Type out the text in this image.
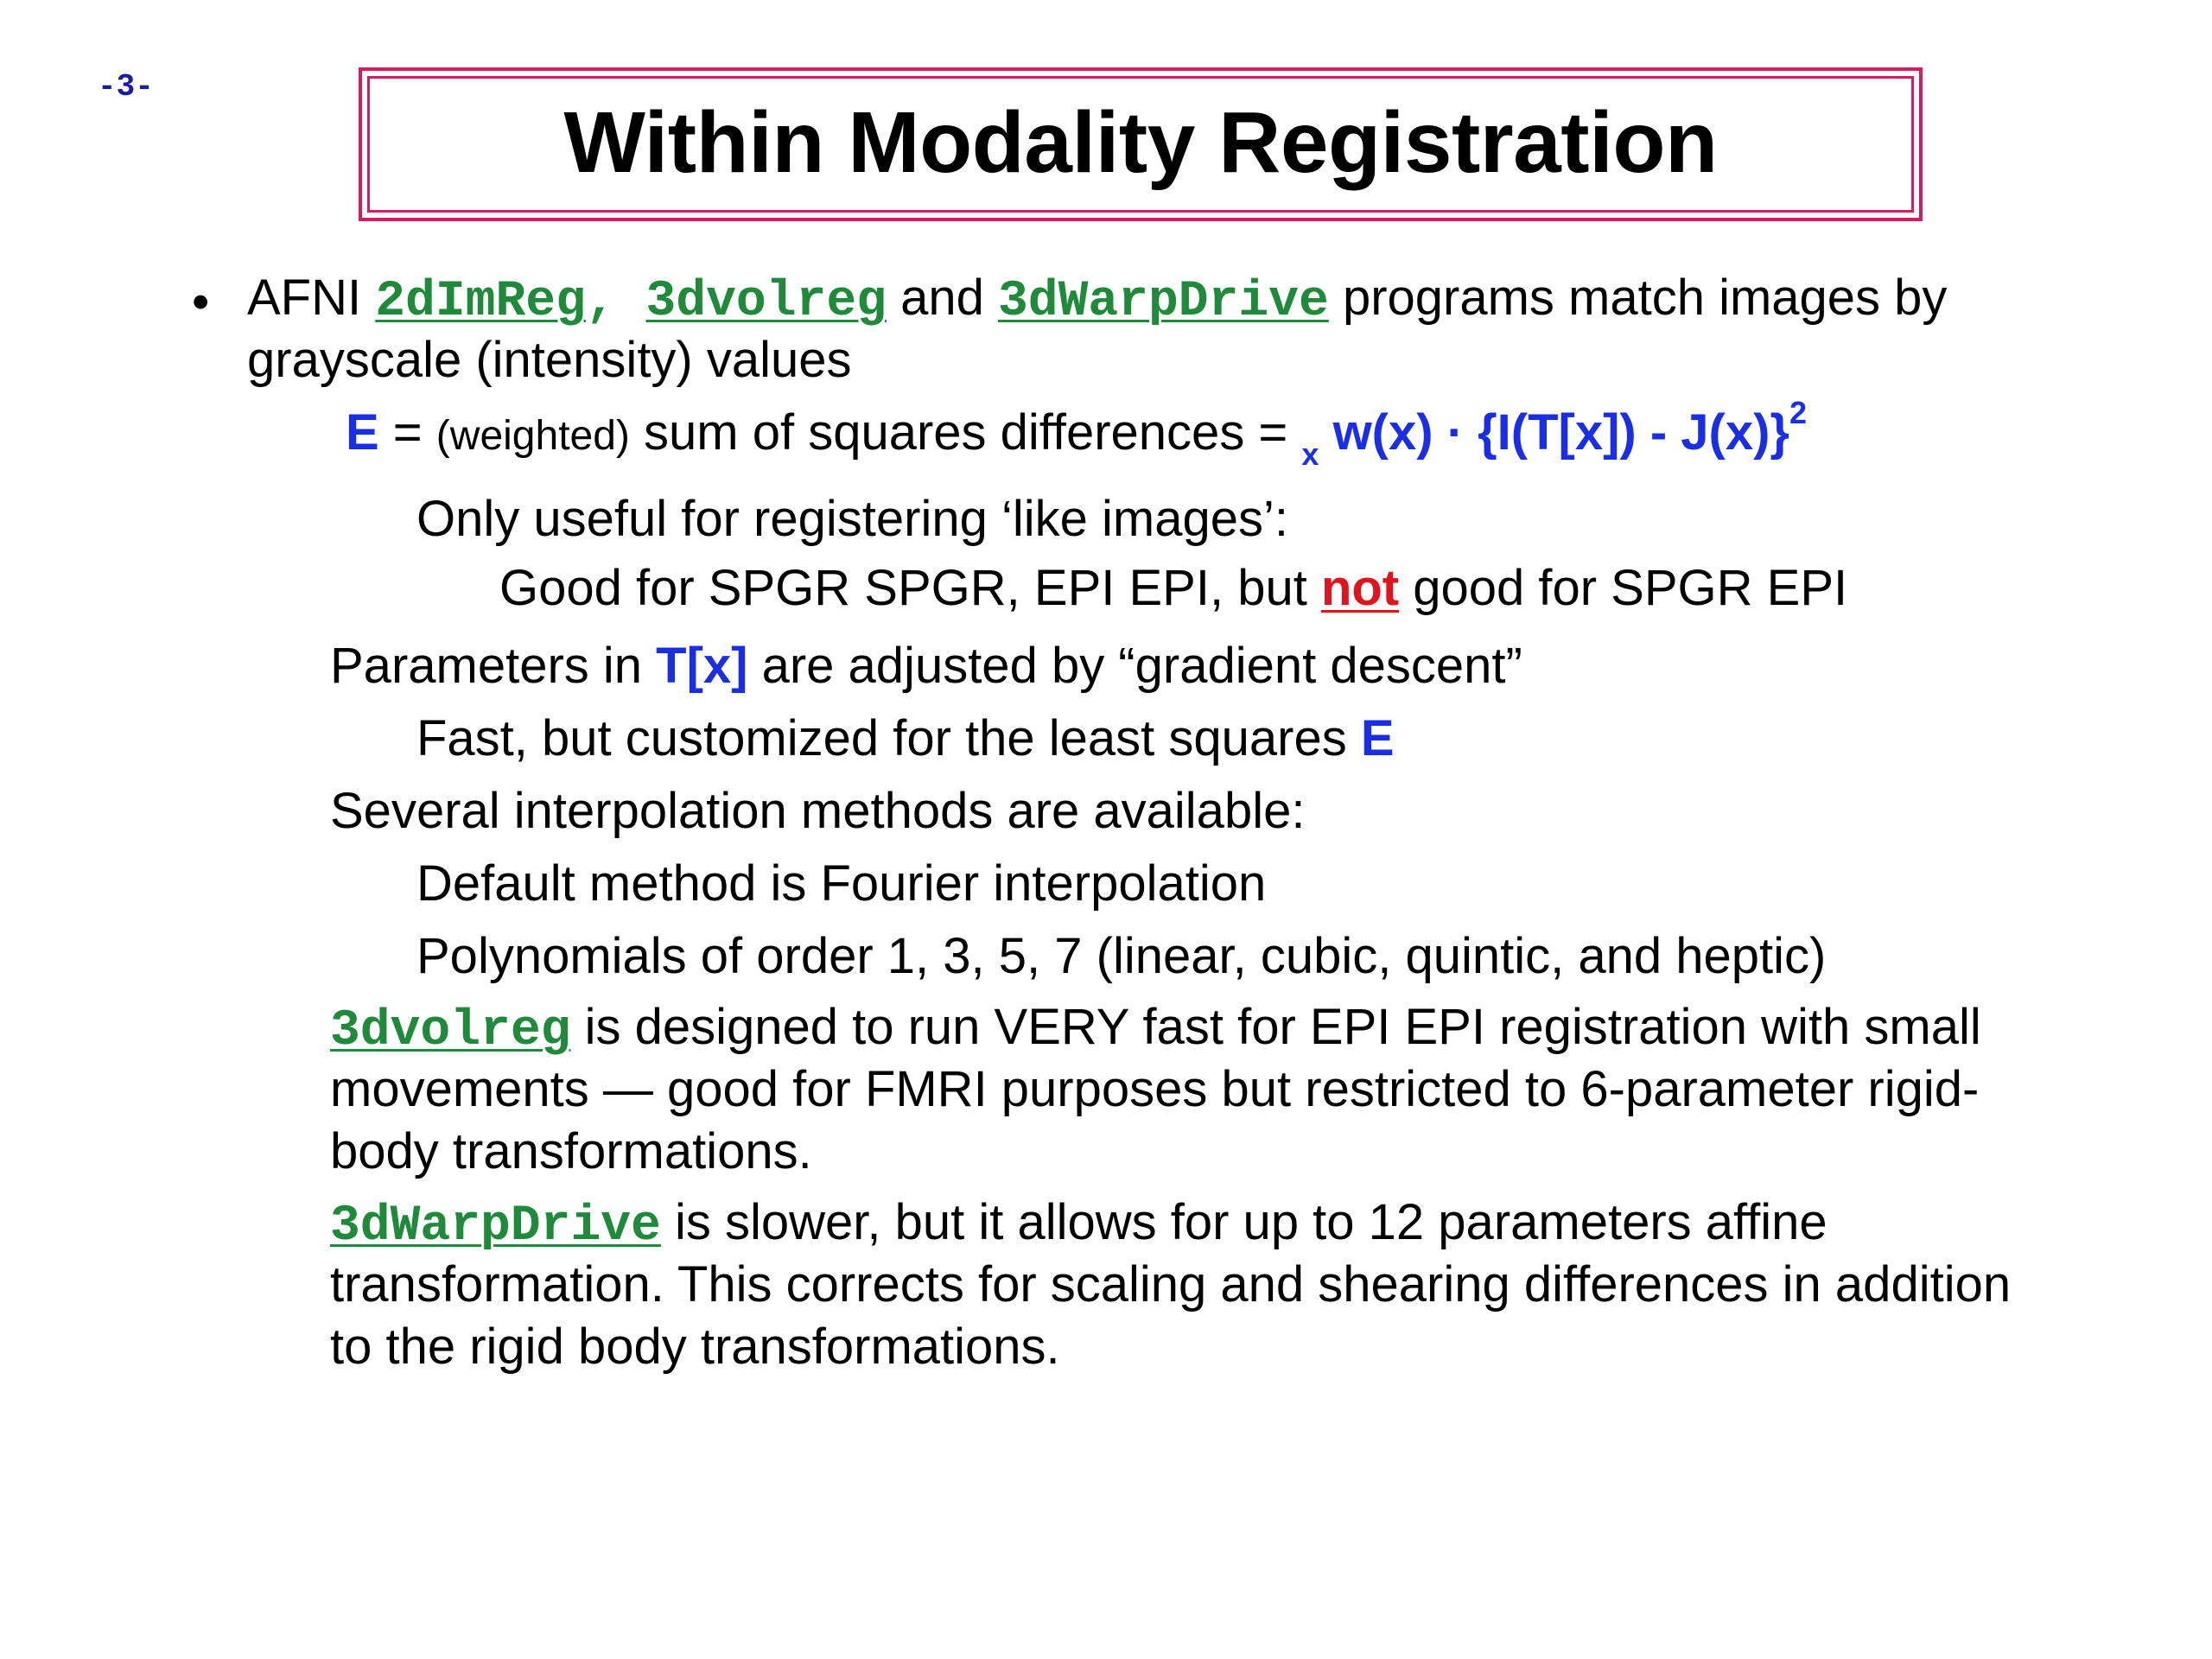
-3-
Within Modality Registration
• AFNI 2dImReg, 3dvolreg and 3dWarpDrive programs match images by
grayscale (intensity) values
E = (weighted) sum of squares differences = $_x$ w(x) · {I(T[x]) - J(x)}$^2$
Only useful for registering ‘like images’:
Good for SPGR SPGR, EPI EPI, but not good for SPGR EPI
Parameters in T[x] are adjusted by “gradient descent”
Fast, but customized for the least squares E
Several interpolation methods are available:
Default method is Fourier interpolation
Polynomials of order 1, 3, 5, 7 (linear, cubic, quintic, and heptic)
3dvolreg is designed to run VERY fast for EPI EPI registration with small
movements — good for FMRI purposes but restricted to 6-parameter rigid-
body transformations.
3dWarpDrive is slower, but it allows for up to 12 parameters affine
transformation. This corrects for scaling and shearing differences in addition
to the rigid body transformations.
